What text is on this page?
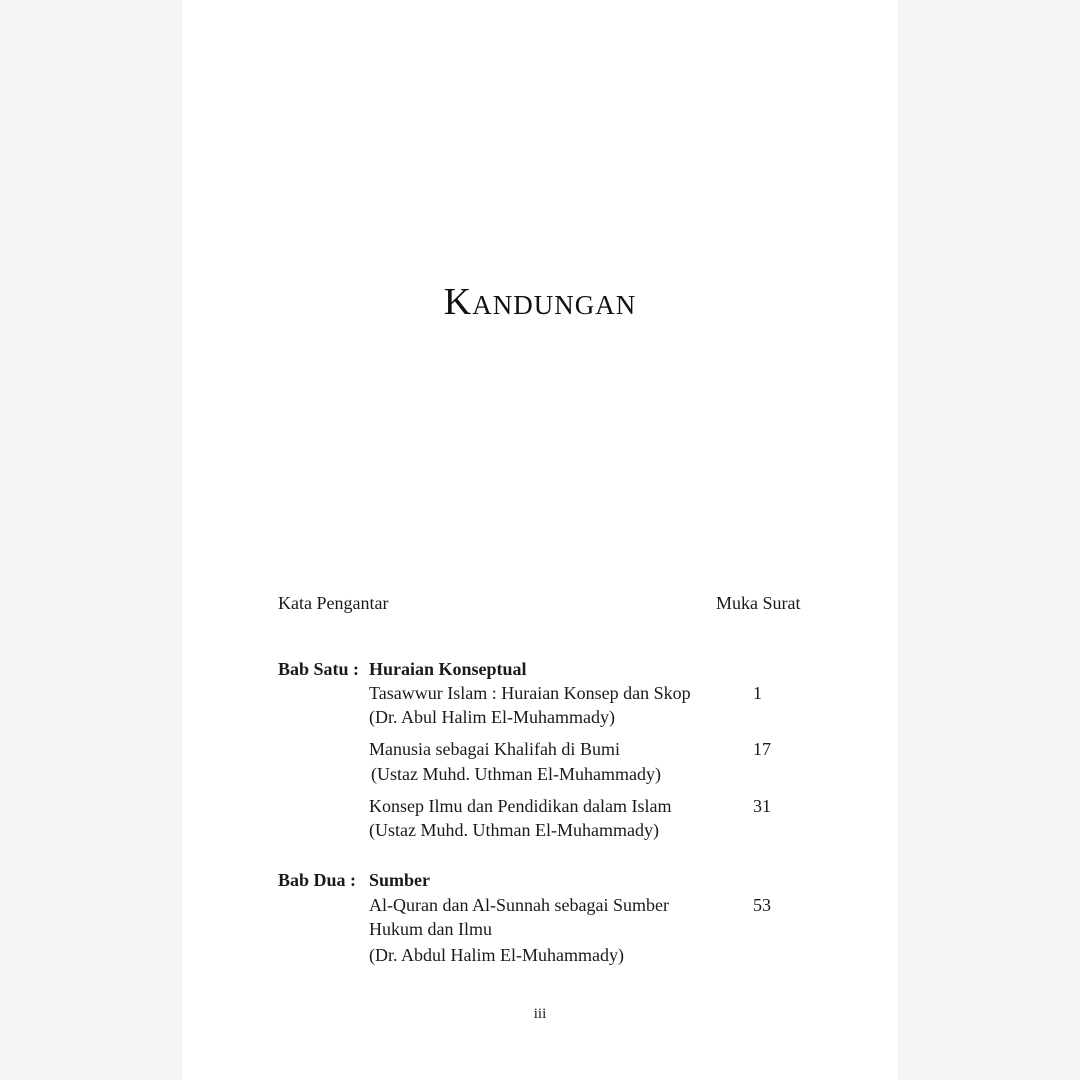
Kandungan
Kata Pengantar	Muka Surat
Bab Satu : Huraian Konseptual
Tasawwur Islam : Huraian Konsep dan Skop	1
(Dr. Abul Halim El-Muhammady)
Manusia sebagai Khalifah di Bumi	17
(Ustaz Muhd. Uthman El-Muhammady)
Konsep Ilmu dan Pendidikan dalam Islam	31
(Ustaz Muhd. Uthman El-Muhammady)
Bab Dua : Sumber
Al-Quran dan Al-Sunnah sebagai Sumber	53
Hukum dan Ilmu
(Dr. Abdul Halim El-Muhammady)
iii
